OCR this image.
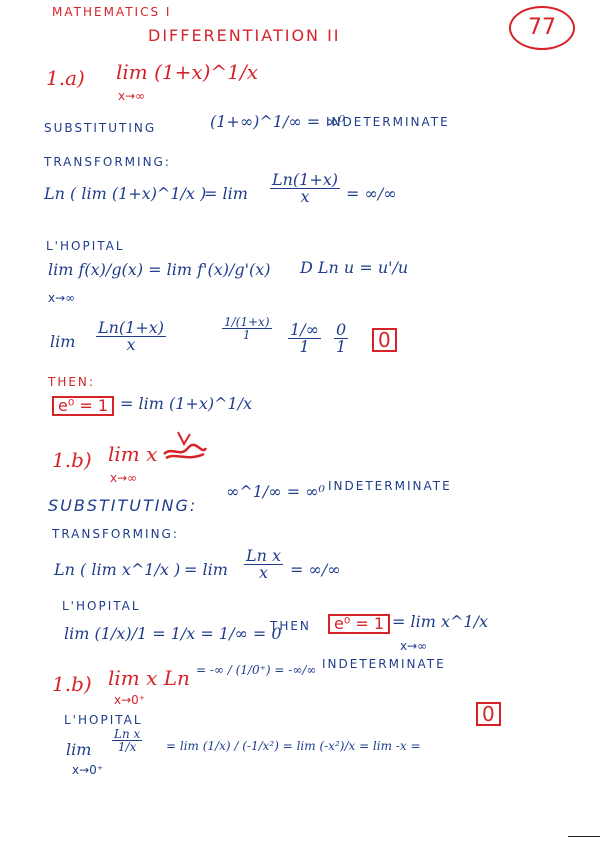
MATHEMATICS I
DIFFERENTIATION II	77
1.a) lim (1+x)^1/x
x→∞
SUBSTITUTING	(1+∞)^1/∞ = ∞⁰
INDETERMINATE
TRANSFORMING:
Ln ( lim (1+x)^1/x )
= $\lim \frac{Ln(1+x)}{x}$ = ∞/∞
L'HOPITAL
lim f(x)/g(x) = lim f'(x)/g'(x)
x→∞
D Ln u = u'/u
$\lim \frac{Ln(1+x)}{x}$	$\frac{1/(1+x)}{1} \frac{1/\infty}{1} \frac{0}{1}$	0
THEN:
e⁰ = 1 = lim (1+x)^1/x
1.b) lim x
x→∞
SUBSTITUTING:
∞^1/∞ = ∞⁰ INDETERMINATE
TRANSFORMING:
Ln ( lim x^1/x ) = $\lim \frac{\text{Ln x}}{x}$ = ∞/∞
L'HOPITAL
lim (1/x)/1 = 1/x = 1/∞ = 0
THEN	e⁰ = 1 = lim x^1/x
x→∞
1.b) lim x Ln
x→0⁺
= -∞ / (1/0⁺) = -∞/∞ INDETERMINATE
L'HOPITAL
$\lim \frac{\text{Ln x}}{1/x}$
x→0⁺
= lim (1/x) / (-1/x²) = lim (-x²)/x = lim -x =
0
